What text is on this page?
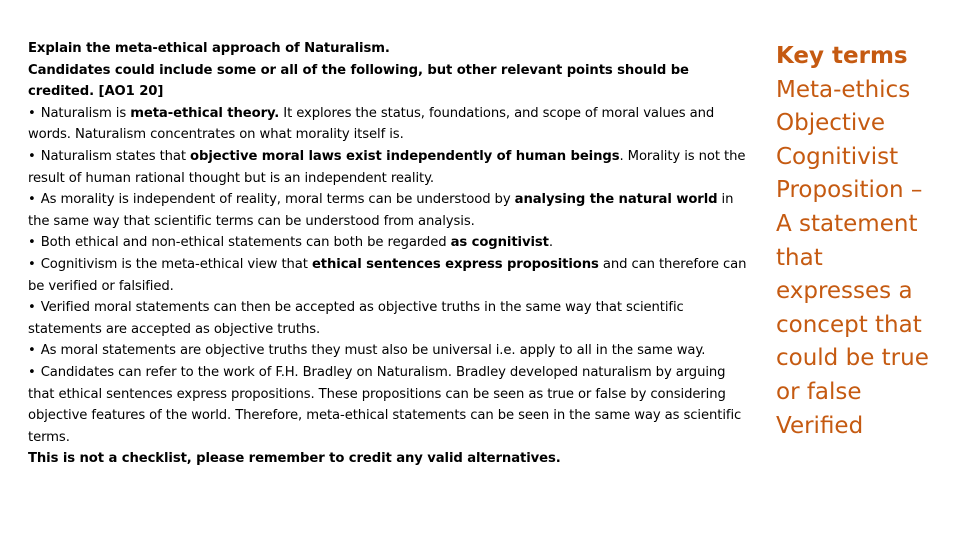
Explain the meta-ethical approach of Naturalism.

Candidates could include some or all of the following, but other relevant points should be credited. [AO1 20]

• Naturalism is meta-ethical theory. It explores the status, foundations, and scope of moral values and words. Naturalism concentrates on what morality itself is.

• Naturalism states that objective moral laws exist independently of human beings. Morality is not the result of human rational thought but is an independent reality.

• As morality is independent of reality, moral terms can be understood by analysing the natural world in the same way that scientific terms can be understood from analysis.

• Both ethical and non-ethical statements can both be regarded as cognitivist.

• Cognitivism is the meta-ethical view that ethical sentences express propositions and can therefore can be verified or falsified.

• Verified moral statements can then be accepted as objective truths in the same way that scientific statements are accepted as objective truths.

• As moral statements are objective truths they must also be universal i.e. apply to all in the same way.

• Candidates can refer to the work of F.H. Bradley on Naturalism. Bradley developed naturalism by arguing that ethical sentences express propositions. These propositions can be seen as true or false by considering objective features of the world. Therefore, meta-ethical statements can be seen in the same way as scientific terms.

This is not a checklist, please remember to credit any valid alternatives.

Key terms
Meta-ethics
Objective
Cognitivist
Proposition –
A statement
that
expresses a
concept that
could be true
or false
Verified
